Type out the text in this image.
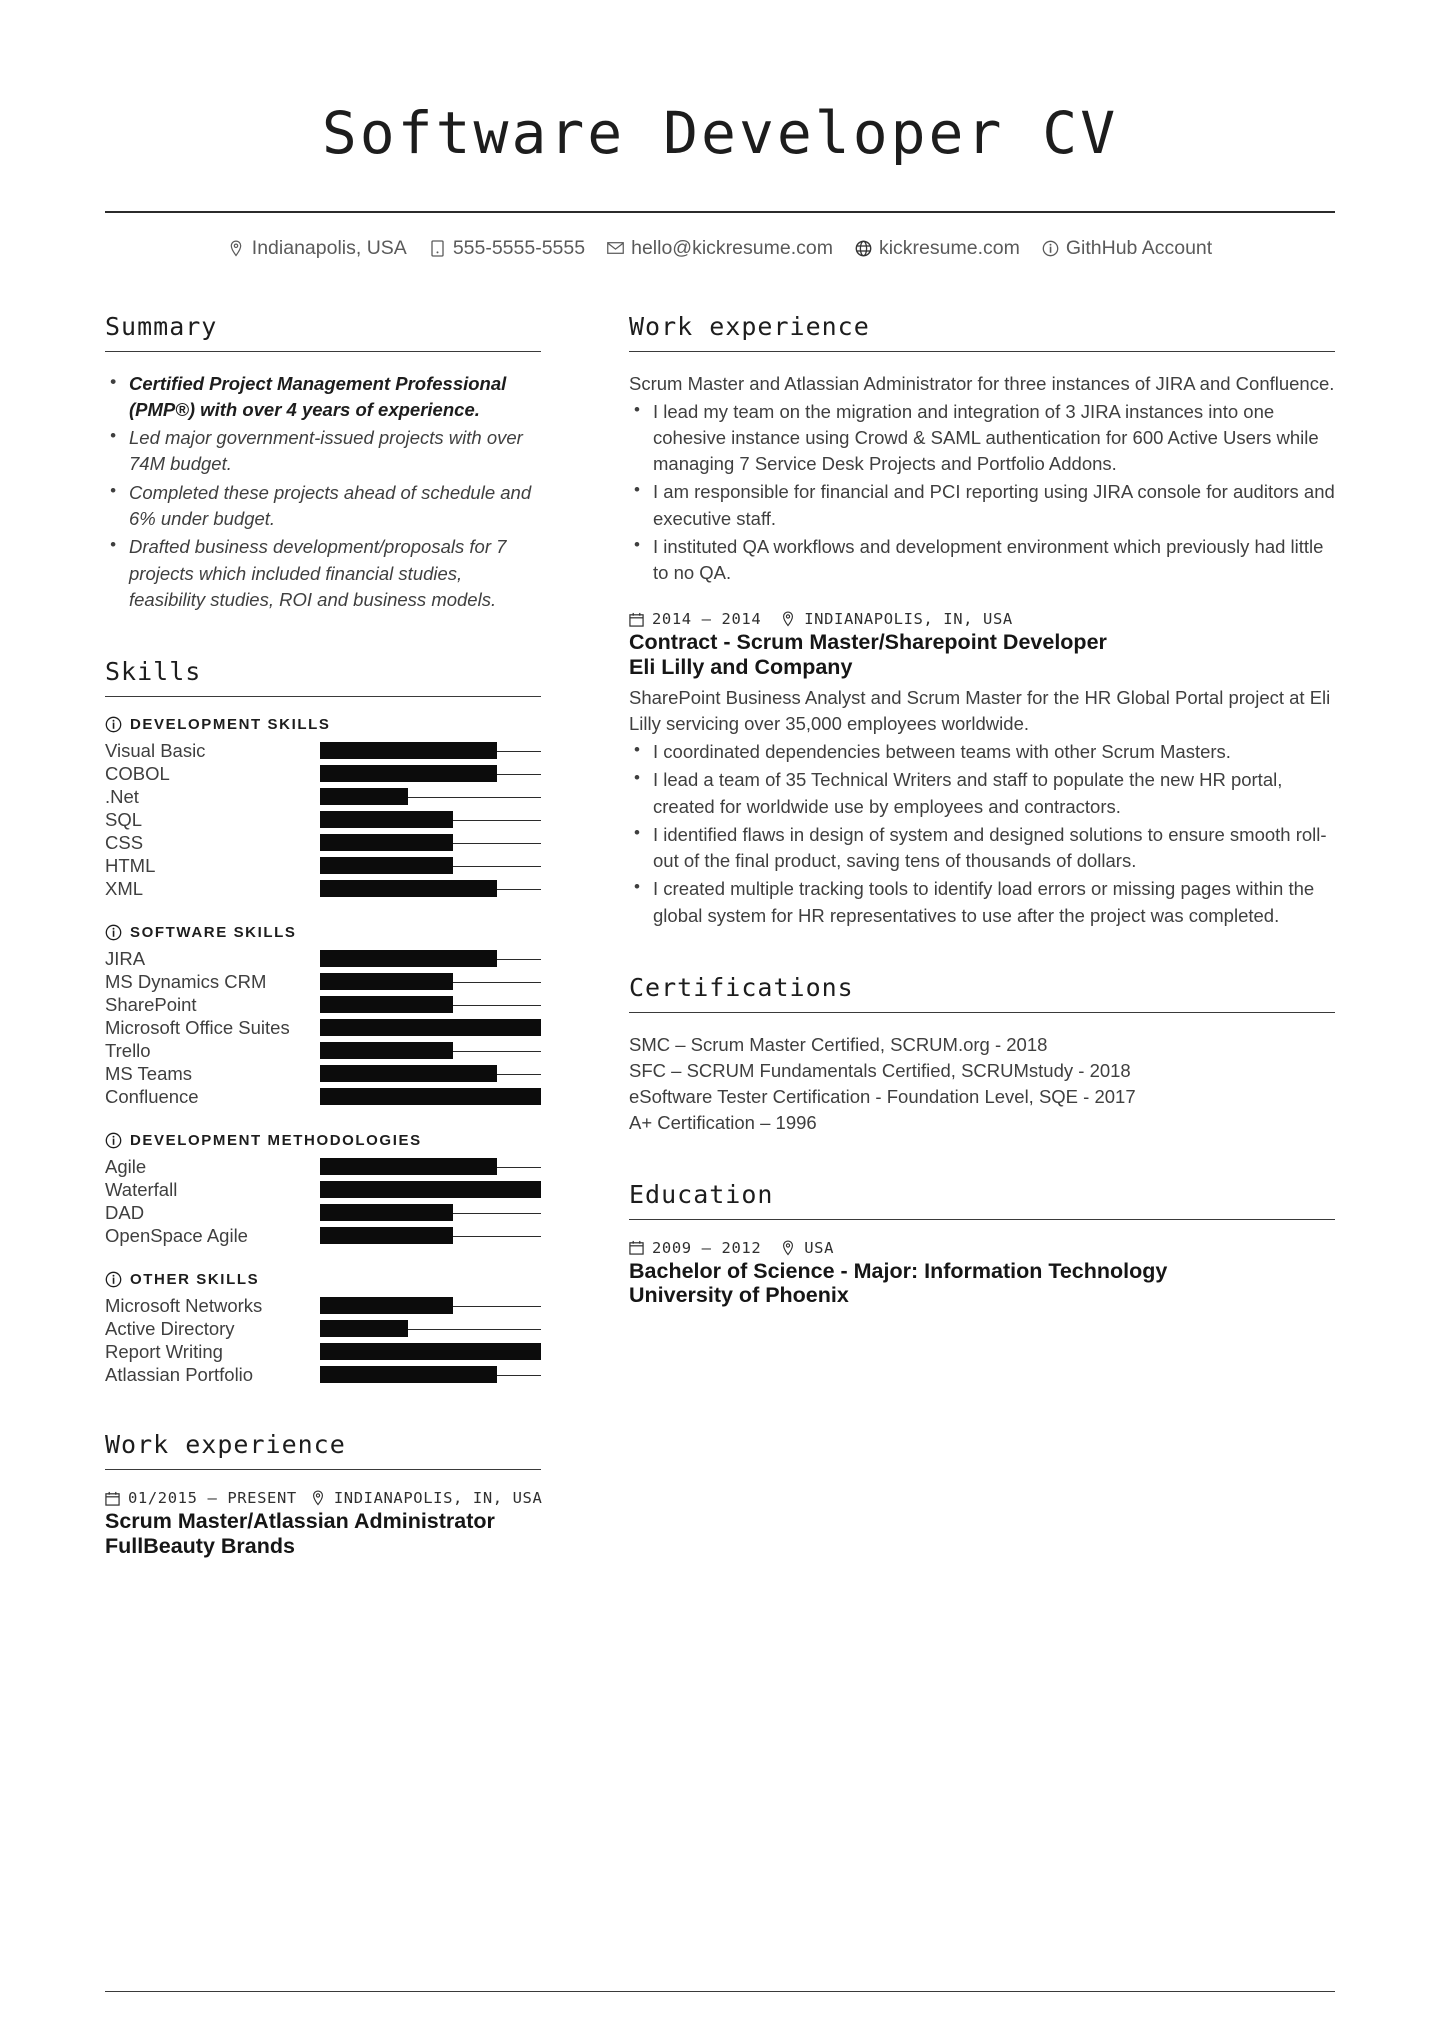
Software Developer CV
Indianapolis, USA 555-5555-5555 hello@kickresume.com kickresume.com GithHub Account
Summary
• Certified Project Management Professional (PMP®) with over 4 years of experience.
• Led major government-issued projects with over 74M budget.
• Completed these projects ahead of schedule and 6% under budget.
• Drafted business development/proposals for 7 projects which included financial studies, feasibility studies, ROI and business models.
Skills
DEVELOPMENT SKILLS
Visual Basic
COBOL
.Net
SQL
CSS
HTML
XML
SOFTWARE SKILLS
JIRA
MS Dynamics CRM
SharePoint
Microsoft Office Suites
Trello
MS Teams
Confluence
DEVELOPMENT METHODOLOGIES
Agile
Waterfall
DAD
OpenSpace Agile
OTHER SKILLS
Microsoft Networks
Active Directory
Report Writing
Atlassian Portfolio
Work experience
01/2015 – PRESENT INDIANAPOLIS, IN, USA
Scrum Master/Atlassian Administrator
FullBeauty Brands
Work experience
Scrum Master and Atlassian Administrator for three instances of JIRA and Confluence.
• I lead my team on the migration and integration of 3 JIRA instances into one cohesive instance using Crowd & SAML authentication for 600 Active Users while managing 7 Service Desk Projects and Portfolio Addons.
• I am responsible for financial and PCI reporting using JIRA console for auditors and executive staff.
• I instituted QA workflows and development environment which previously had little to no QA.
2014 – 2014	INDIANAPOLIS, IN, USA
Contract - Scrum Master/Sharepoint Developer
Eli Lilly and Company
SharePoint Business Analyst and Scrum Master for the HR Global Portal project at Eli Lilly servicing over 35,000 employees worldwide.
• I coordinated dependencies between teams with other Scrum Masters.
• I lead a team of 35 Technical Writers and staff to populate the new HR portal, created for worldwide use by employees and contractors.
• I identified flaws in design of system and designed solutions to ensure smooth roll-out of the final product, saving tens of thousands of dollars.
• I created multiple tracking tools to identify load errors or missing pages within the global system for HR representatives to use after the project was completed.
Certifications
SMC – Scrum Master Certified, SCRUM.org - 2018
SFC – SCRUM Fundamentals Certified, SCRUMstudy - 2018
eSoftware Tester Certification - Foundation Level, SQE - 2017
A+ Certification – 1996
Education
2009 – 2012	USA
Bachelor of Science - Major: Information Technology
University of Phoenix
